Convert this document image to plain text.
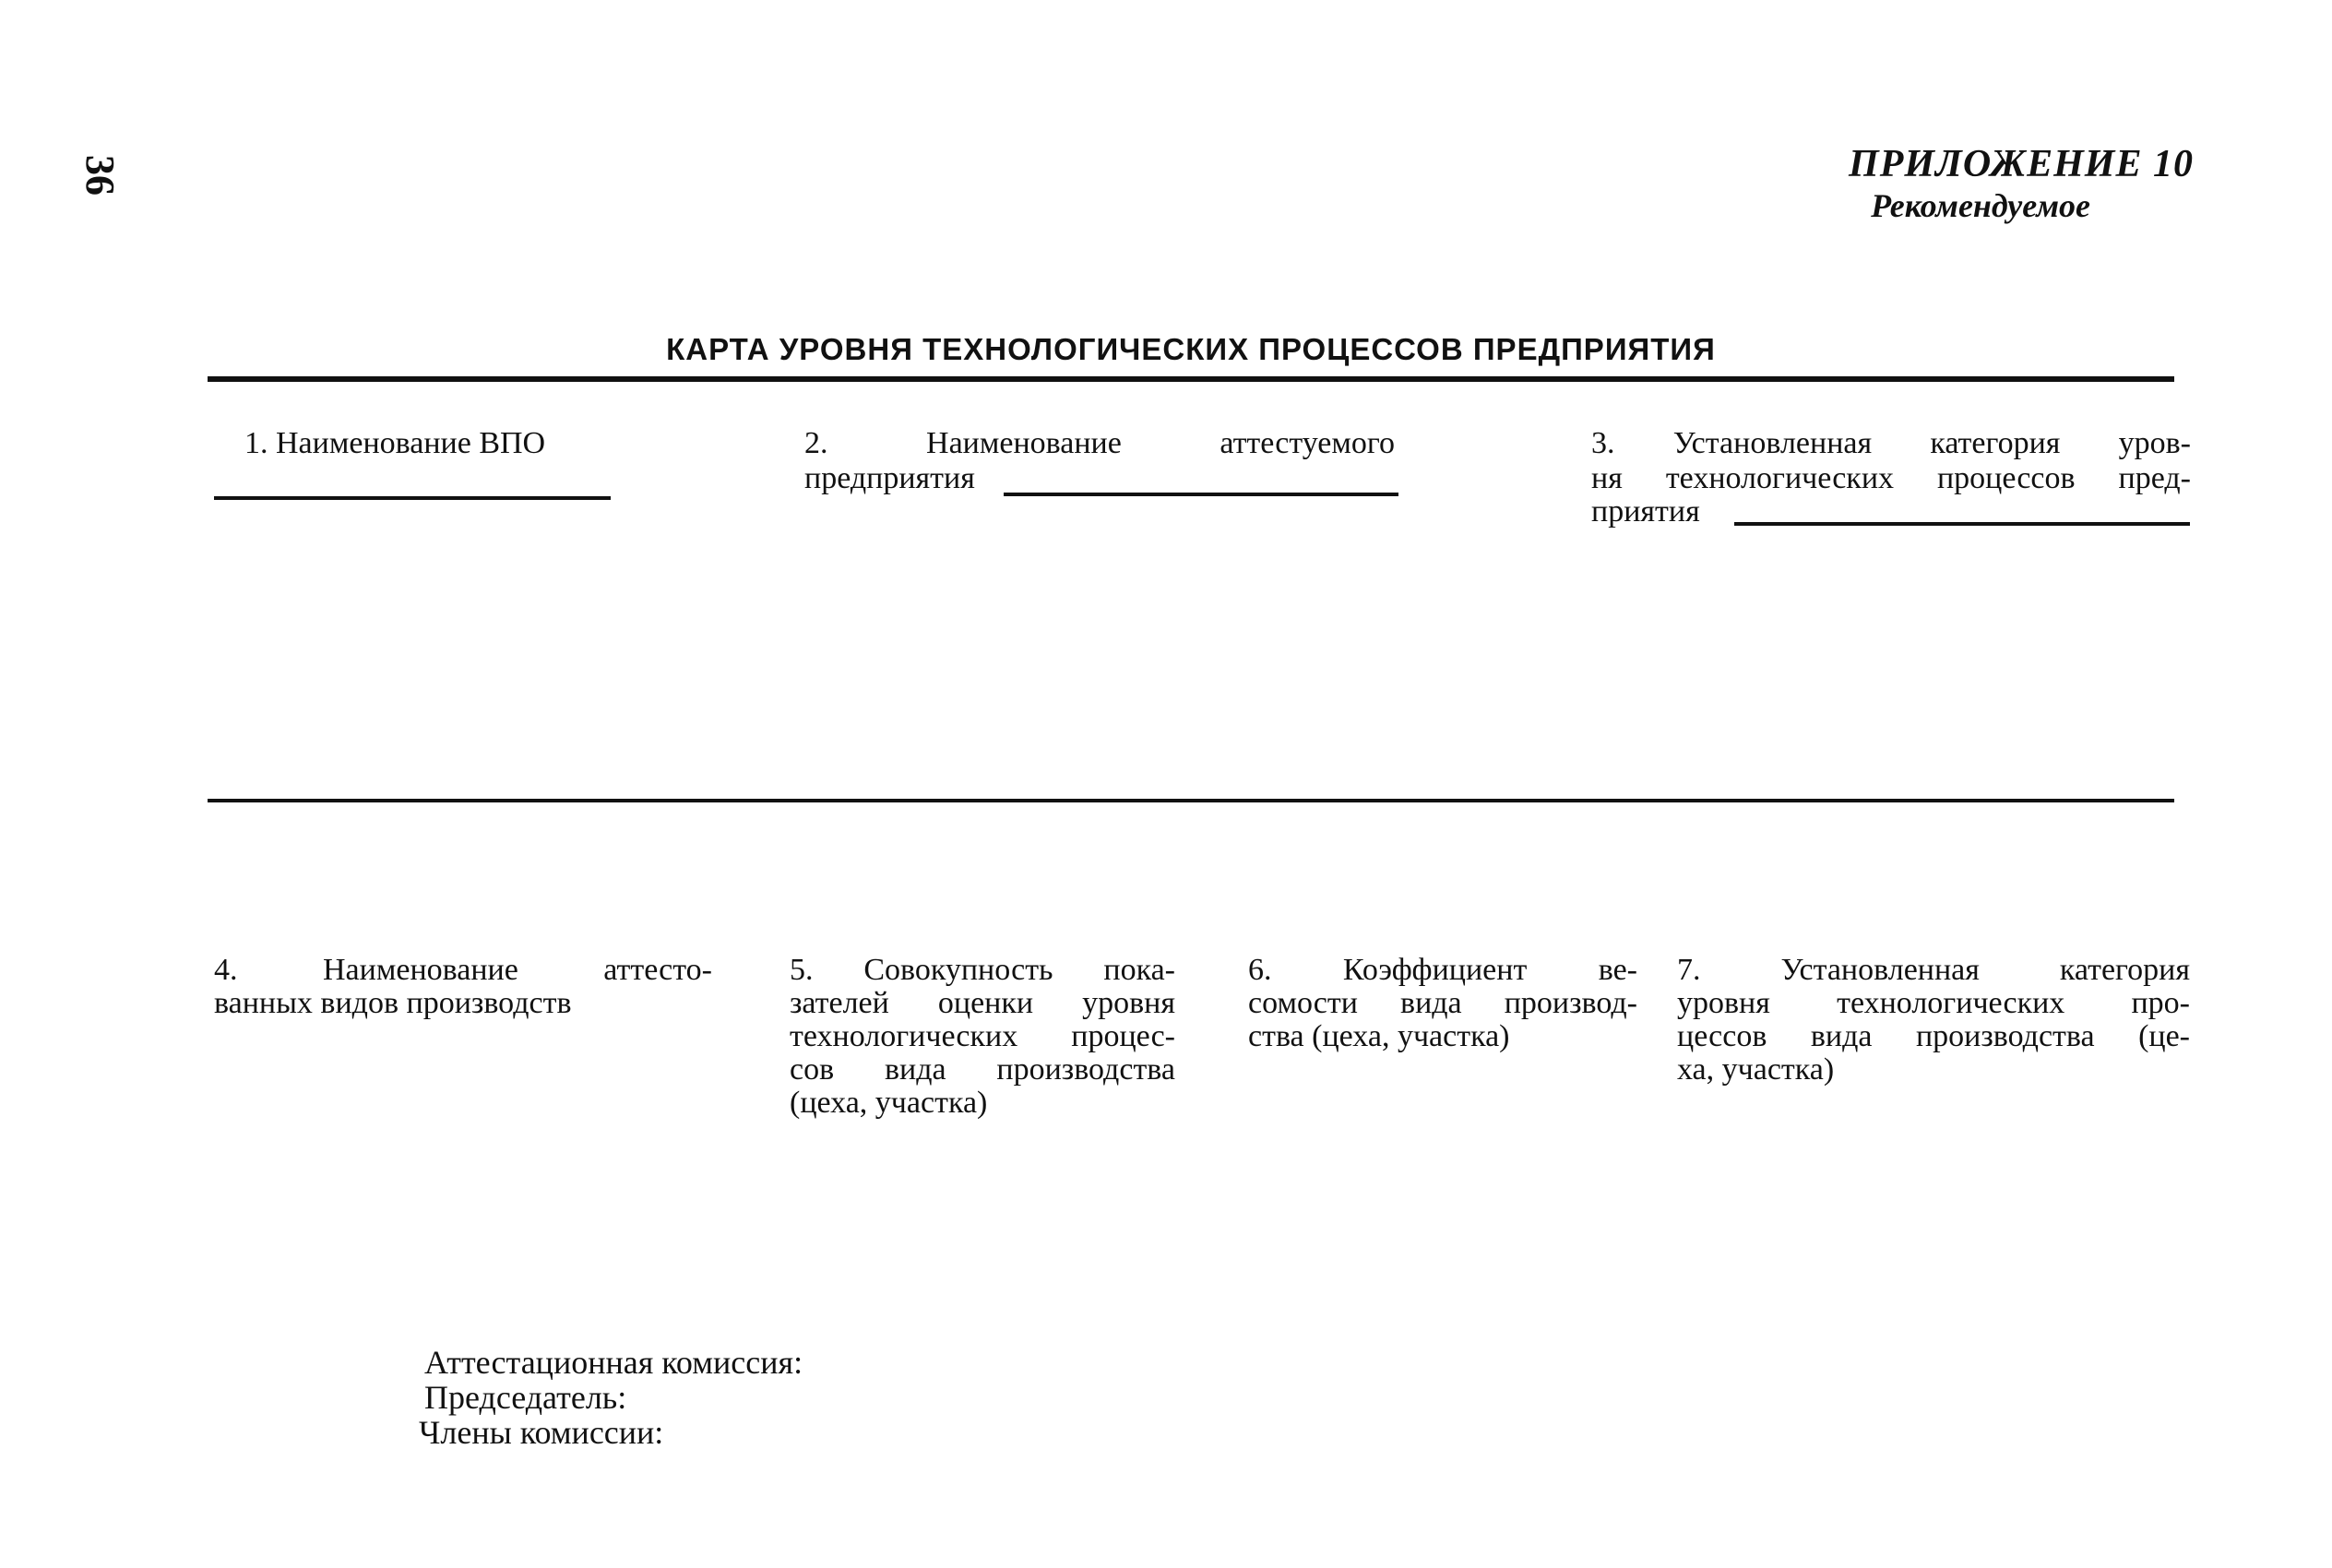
36	ПРИЛОЖЕНИЕ 10
Рекомендуемое
КАРТА УРОВНЯ ТЕХНОЛОГИЧЕСКИХ ПРОЦЕССОВ ПРЕДПРИЯТИЯ
1. Наименование ВПО	2. Наименование аттестуемого
предприятия
3. Установленная категория уров-
ня технологических процессов пред-
приятия
4. Наименование аттесто-
ванных видов производств
5. Совокупность пока-
зателей оценки уровня
технологических процес-
сов вида производства
(цеха, участка)
6. Коэффициент ве-
сомости вида производ-
ства (цеха, участка)
7. Установленная категория
уровня технологических про-
цессов вида производства (це-
ха, участка)
Аттестационная комиссия:
Председатель:
Члены комиссии:
